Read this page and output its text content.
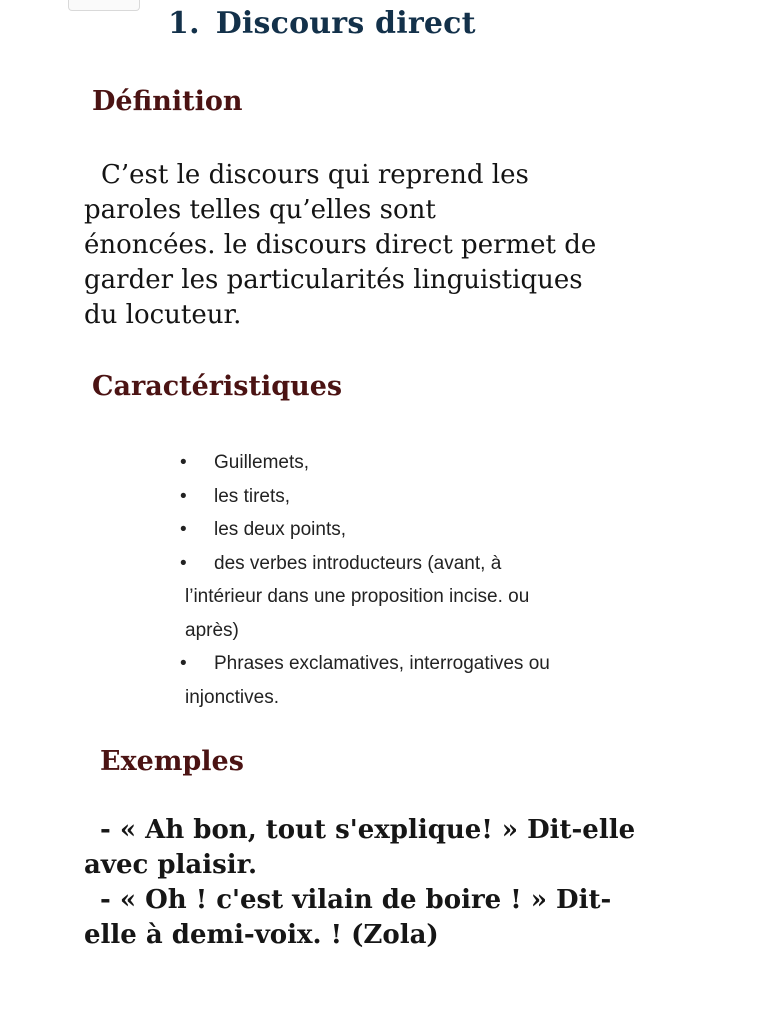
1. Discours direct
Définition

C’est le discours qui reprend les
paroles telles qu’elles sont
énoncées. le discours direct permet de
garder les particularités linguistiques
du locuteur.

Caractéristiques
• Guillemets,
• les tirets,
• les deux points,
• des verbes introducteurs (avant, à
l’intérieur dans une proposition incise. ou
après)
• Phrases exclamatives, interrogatives ou
injonctives.
Exemples

- « Ah bon, tout s'explique! » Dit-elle
avec plaisir.
- « Oh ! c'est vilain de boire ! » Dit-
elle à demi-voix. ! (Zola)
